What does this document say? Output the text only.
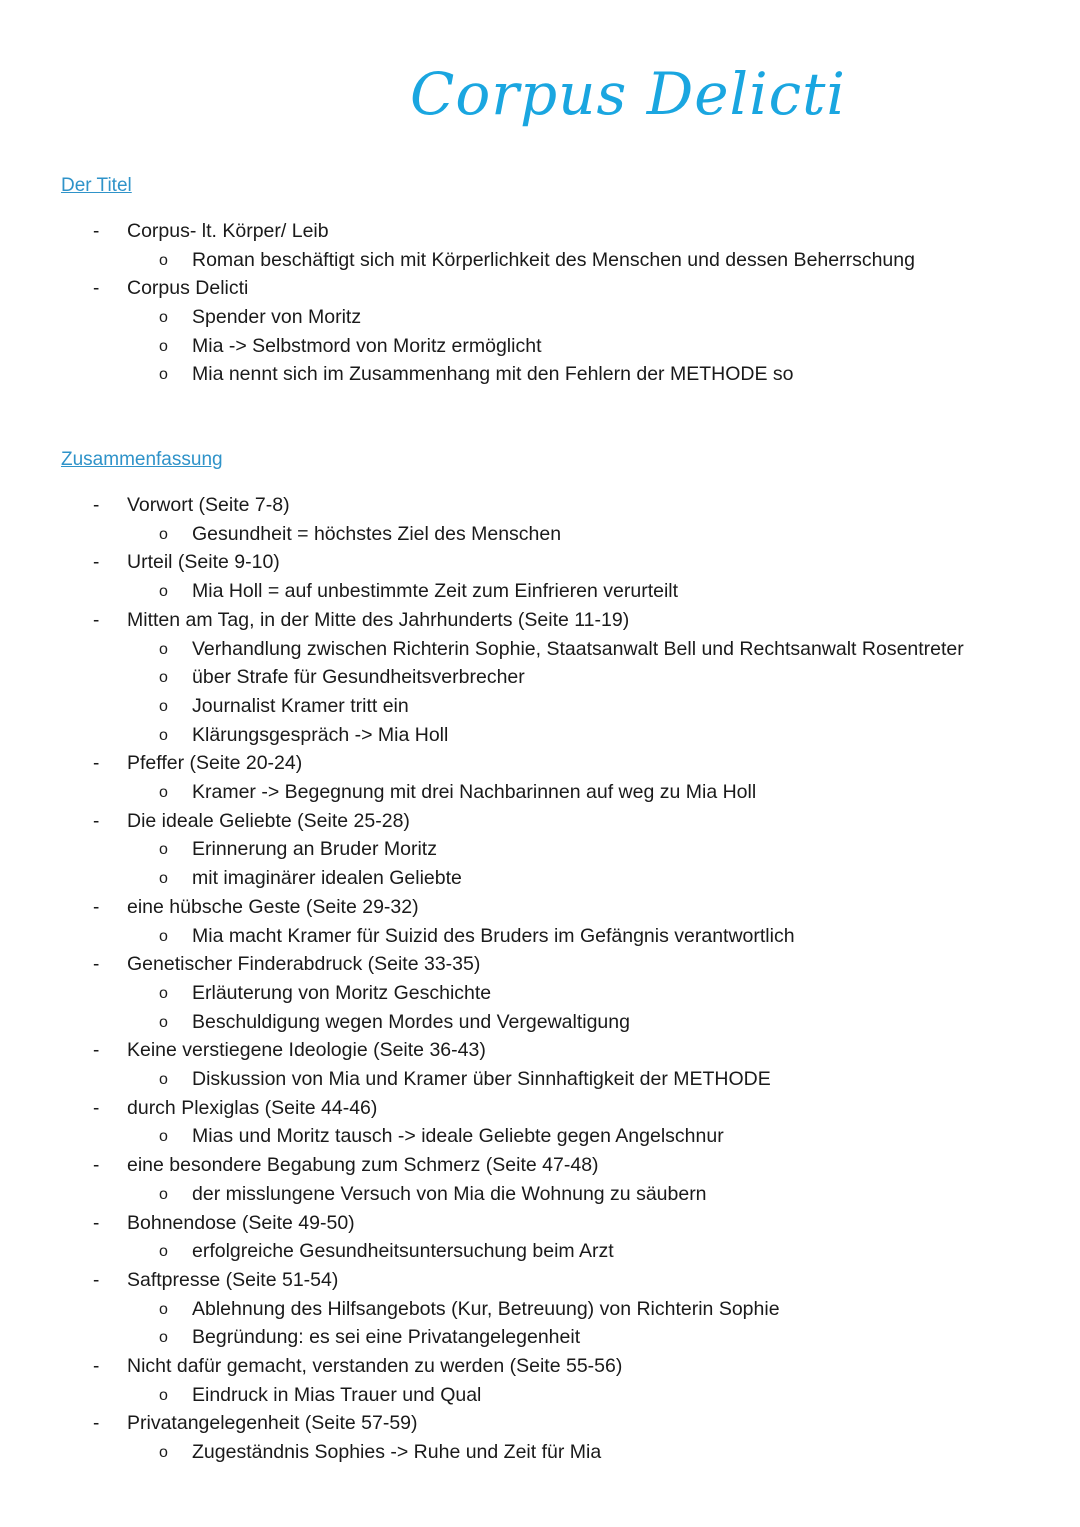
Corpus Delicti
Der Titel
- Corpus- lt. Körper/ Leib
o Roman beschäftigt sich mit Körperlichkeit des Menschen und dessen Beherrschung
- Corpus Delicti
o Spender von Moritz
o Mia -> Selbstmord von Moritz ermöglicht
o Mia nennt sich im Zusammenhang mit den Fehlern der METHODE so
Zusammenfassung
- Vorwort (Seite 7-8)
o Gesundheit = höchstes Ziel des Menschen
- Urteil (Seite 9-10)
o Mia Holl = auf unbestimmte Zeit zum Einfrieren verurteilt
- Mitten am Tag, in der Mitte des Jahrhunderts (Seite 11-19)
o Verhandlung zwischen Richterin Sophie, Staatsanwalt Bell und Rechtsanwalt Rosentreter
o über Strafe für Gesundheitsverbrecher
o Journalist Kramer tritt ein
o Klärungsgespräch -> Mia Holl
- Pfeffer (Seite 20-24)
o Kramer -> Begegnung mit drei Nachbarinnen auf weg zu Mia Holl
- Die ideale Geliebte (Seite 25-28)
o Erinnerung an Bruder Moritz
o mit imaginärer idealen Geliebte
- eine hübsche Geste (Seite 29-32)
o Mia macht Kramer für Suizid des Bruders im Gefängnis verantwortlich
- Genetischer Finderabdruck (Seite 33-35)
o Erläuterung von Moritz Geschichte
o Beschuldigung wegen Mordes und Vergewaltigung
- Keine verstiegene Ideologie (Seite 36-43)
o Diskussion von Mia und Kramer über Sinnhaftigkeit der METHODE
- durch Plexiglas (Seite 44-46)
o Mias und Moritz tausch -> ideale Geliebte gegen Angelschnur
- eine besondere Begabung zum Schmerz (Seite 47-48)
o der misslungene Versuch von Mia die Wohnung zu säubern
- Bohnendose (Seite 49-50)
o erfolgreiche Gesundheitsuntersuchung beim Arzt
- Saftpresse (Seite 51-54)
o Ablehnung des Hilfsangebots (Kur, Betreuung) von Richterin Sophie
o Begründung: es sei eine Privatangelegenheit
- Nicht dafür gemacht, verstanden zu werden (Seite 55-56)
o Eindruck in Mias Trauer und Qual
- Privatangelegenheit (Seite 57-59)
o Zugeständnis Sophies -> Ruhe und Zeit für Mia
